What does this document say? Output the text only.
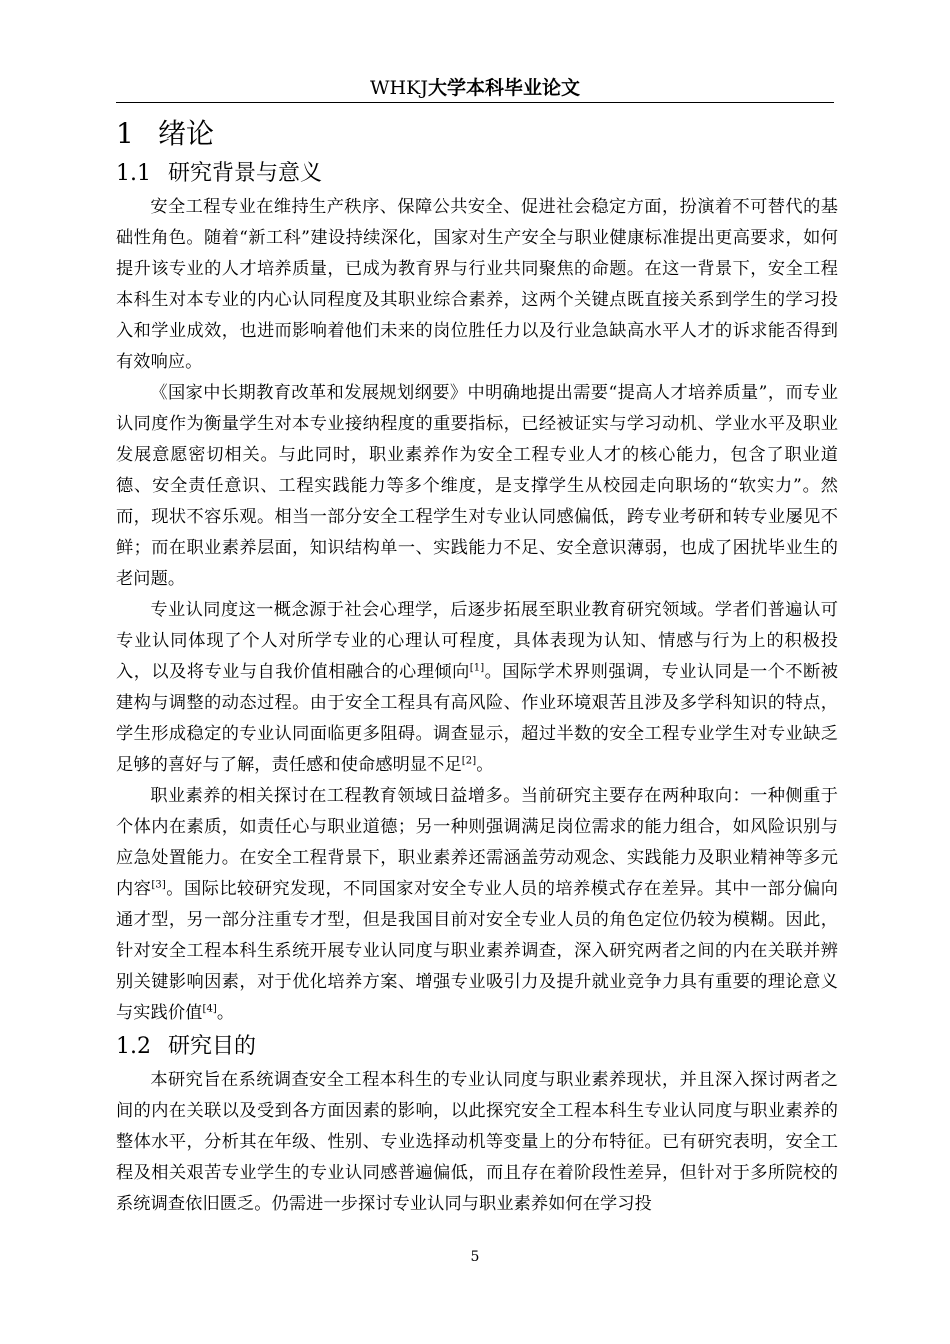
WHKJ大学本科毕业论文
1 绪论
1.1 研究背景与意义

安全工程专业在维持生产秩序、保障公共安全、促进社会稳定方面，扮演着不可替代的基础性角色。随着“新工科”建设持续深化，国家对生产安全与职业健康标准提出更高要求，如何提升该专业的人才培养质量，已成为教育界与行业共同聚焦的命题。在这一背景下，安全工程本科生对本专业的内心认同程度及其职业综合素养，这两个关键点既直接关系到学生的学习投入和学业成效，也进而影响着他们未来的岗位胜任力以及行业急缺高水平人才的诉求能否得到有效响应。

《国家中长期教育改革和发展规划纲要》中明确地提出需要“提高人才培养质量”，而专业认同度作为衡量学生对本专业接纳程度的重要指标，已经被证实与学习动机、学业水平及职业发展意愿密切相关。与此同时，职业素养作为安全工程专业人才的核心能力，包含了职业道德、安全责任意识、工程实践能力等多个维度，是支撑学生从校园走向职场的“软实力”。然而，现状不容乐观。相当一部分安全工程学生对专业认同感偏低，跨专业考研和转专业屡见不鲜；而在职业素养层面，知识结构单一、实践能力不足、安全意识薄弱，也成了困扰毕业生的老问题。

专业认同度这一概念源于社会心理学，后逐步拓展至职业教育研究领域。学者们普遍认可专业认同体现了个人对所学专业的心理认可程度，具体表现为认知、情感与行为上的积极投入，以及将专业与自我价值相融合的心理倾向[1]。国际学术界则强调，专业认同是一个不断被建构与调整的动态过程。由于安全工程具有高风险、作业环境艰苦且涉及多学科知识的特点，学生形成稳定的专业认同面临更多阻碍。调查显示，超过半数的安全工程专业学生对专业缺乏足够的喜好与了解，责任感和使命感明显不足[2]。

职业素养的相关探讨在工程教育领域日益增多。当前研究主要存在两种取向：一种侧重于个体内在素质，如责任心与职业道德；另一种则强调满足岗位需求的能力组合，如风险识别与应急处置能力。在安全工程背景下，职业素养还需涵盖劳动观念、实践能力及职业精神等多元内容[3]。国际比较研究发现，不同国家对安全专业人员的培养模式存在差异。其中一部分偏向通才型，另一部分注重专才型，但是我国目前对安全专业人员的角色定位仍较为模糊。因此，针对安全工程本科生系统开展专业认同度与职业素养调查，深入研究两者之间的内在关联并辨别关键影响因素，对于优化培养方案、增强专业吸引力及提升就业竞争力具有重要的理论意义与实践价值[4]。

1.2 研究目的

本研究旨在系统调查安全工程本科生的专业认同度与职业素养现状，并且深入探讨两者之间的内在关联以及受到各方面因素的影响，以此探究安全工程本科生专业认同度与职业素养的整体水平，分析其在年级、性别、专业选择动机等变量上的分布特征。已有研究表明，安全工程及相关艰苦专业学生的专业认同感普遍偏低，而且存在着阶段性差异，但针对于多所院校的系统调查依旧匮乏。仍需进一步探讨专业认同与职业素养如何在学习投

5
